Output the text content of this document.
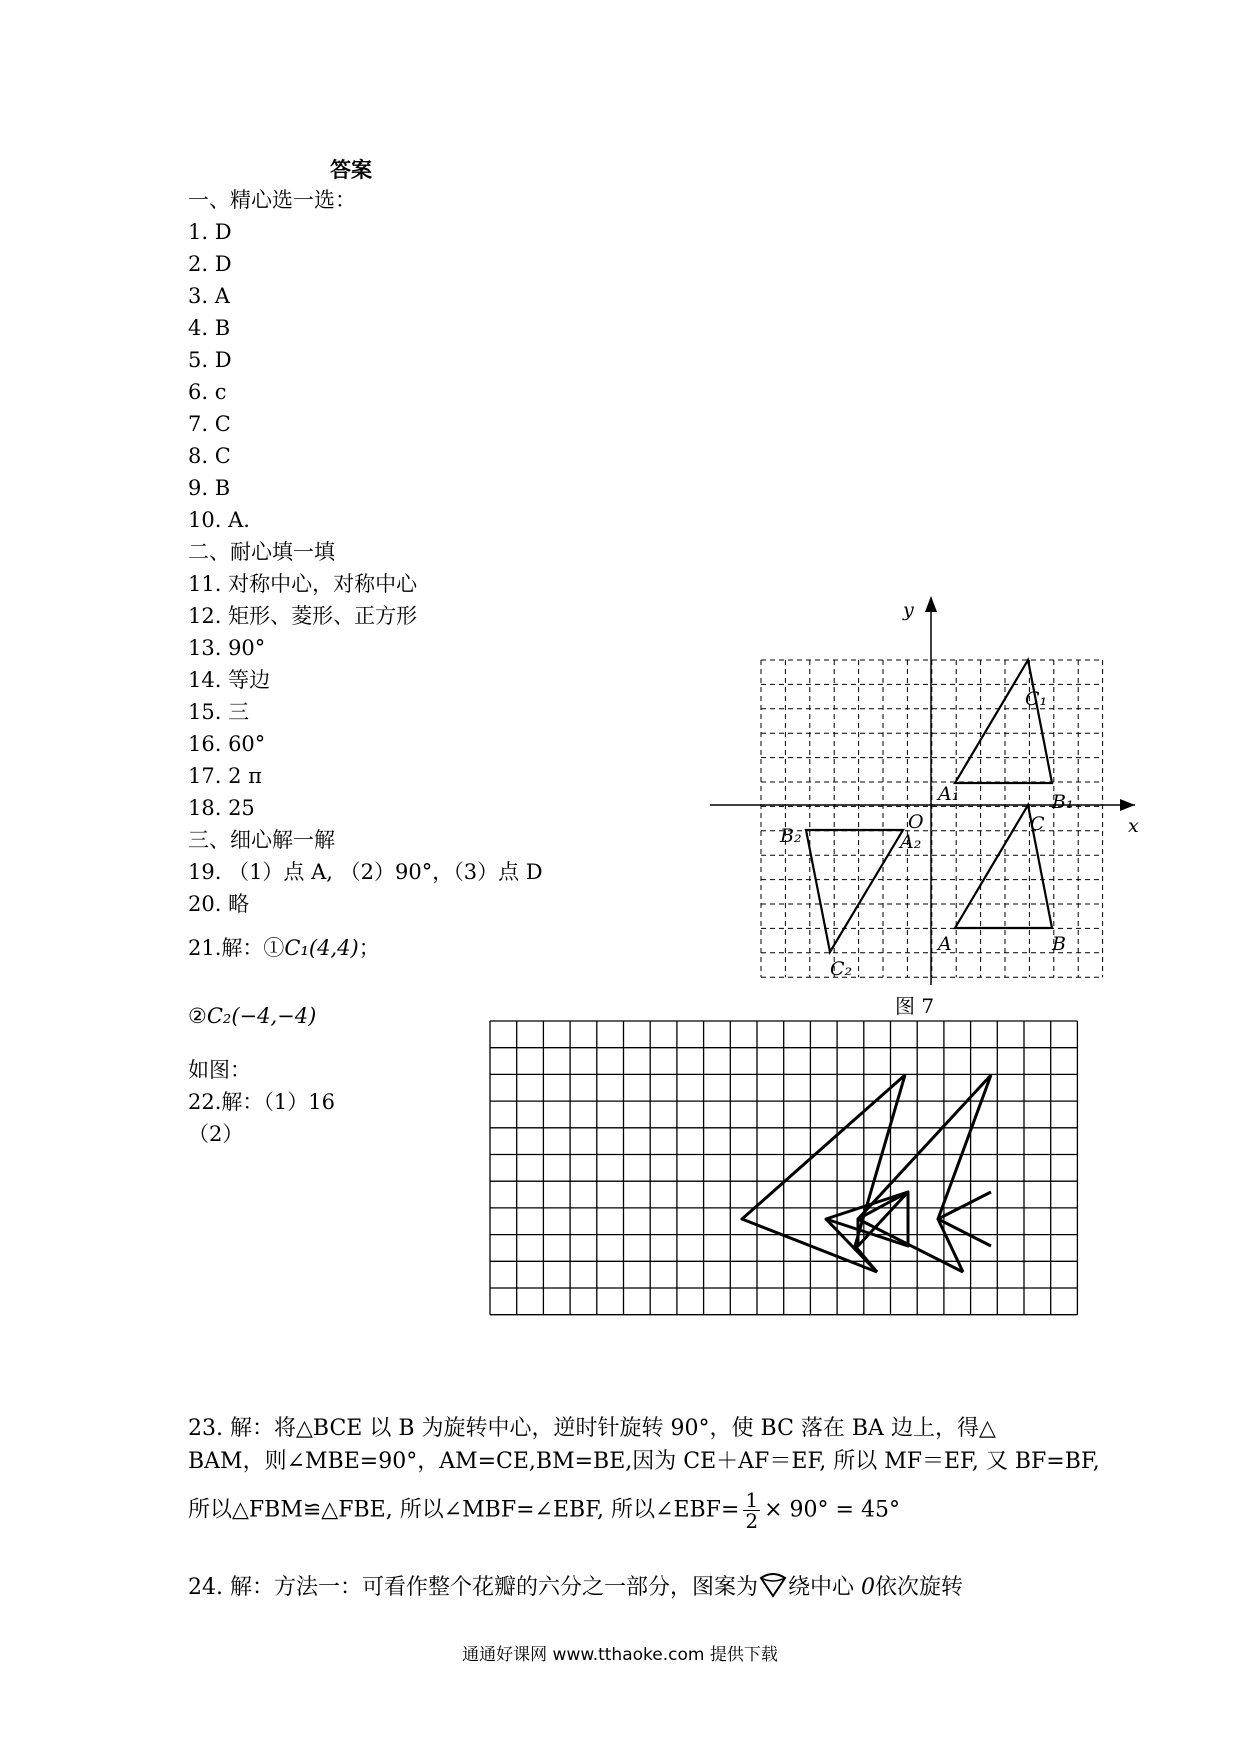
答案
一、精心选一选：
1. D
2. D
3. A
4. B
5. D
6. c
7. C
8. C
9. B
10. A.
二、耐心填一填
11. 对称中心，对称中心
12. 矩形、菱形、正方形
13. 90°
14. 等边
15. 三
16. 60°
17. 2 π
18. 25
三、细心解一解
19. （1）点 A, （2）90°，（3）点 D
20. 略
21.解：①C₁(4,4)；
②C₂(−4,−4)
如图：
22.解：（1）16
（2）
x
y
O
C₁
A₁	B₁
C
A	B
B₂	A₂
C₂
图 7
23. 解：将△BCE 以 B 为旋转中心，逆时针旋转 90°，使 BC 落在 BA 边上，得△
BAM，则∠MBE=90°，AM=CE,BM=BE,因为 CE＋AF＝EF, 所以 MF＝EF, 又 BF=BF,
所以△FBM≌△FBE, 所以∠MBF=∠EBF, 所以∠EBF= $\frac{1}{2} \times 90^\circ = 45^\circ$
24. 解：方法一：可看作整个花瓣的六分之一部分，图案为 绕中心 0依次旋转
通通好课网 www.tthaoke.com 提供下载
